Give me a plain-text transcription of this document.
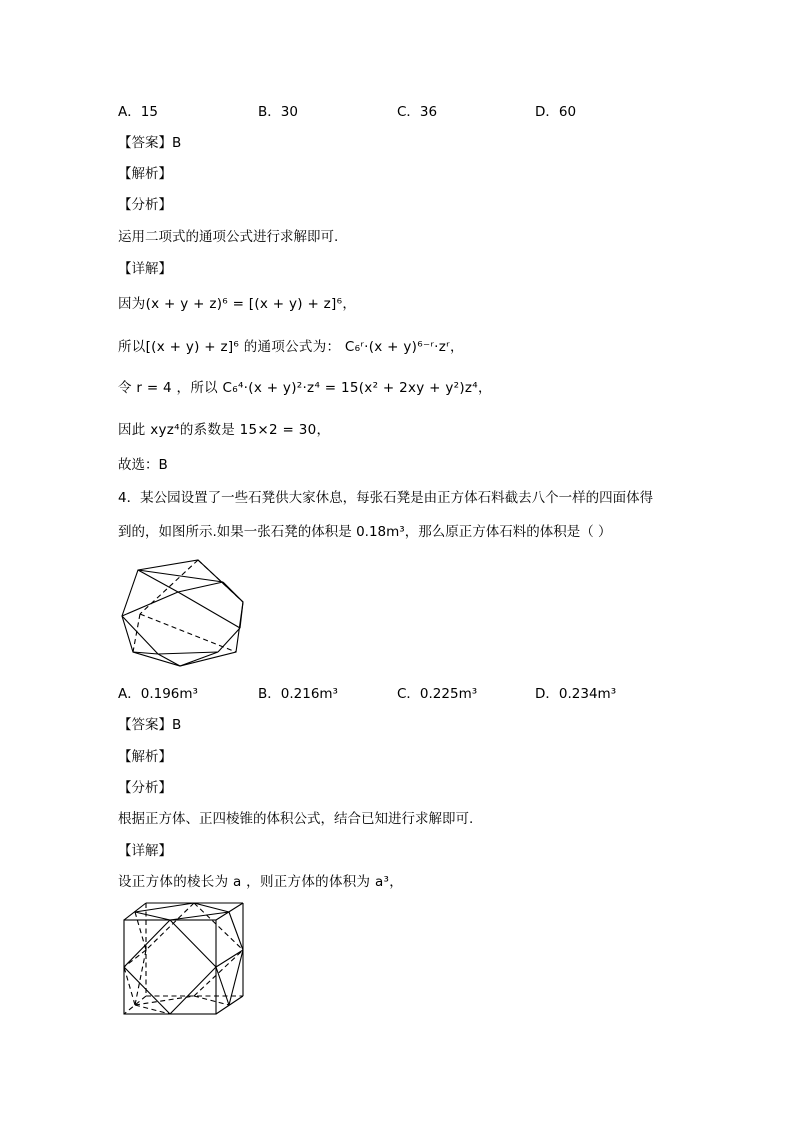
A．15	B．30	C．36	D．60
【答案】B
【解析】
【分析】
运用二项式的通项公式进行求解即可.
【详解】
因为(x + y + z)⁶ = [(x + y) + z]⁶，
所以[(x + y) + z]⁶ 的通项公式为： C₆ʳ·(x + y)⁶⁻ʳ·zʳ，
令 r = 4 ，所以 C₆⁴·(x + y)²·z⁴ = 15(x² + 2xy + y²)z⁴，
因此 xyz⁴的系数是 15×2 = 30，
故选：B
4．某公园设置了一些石凳供大家休息，每张石凳是由正方体石料截去八个一样的四面体得
到的，如图所示.如果一张石凳的体积是 0.18m³，那么原正方体石料的体积是（ ）
A．0.196m³	B．0.216m³	C．0.225m³	D．0.234m³
【答案】B
【解析】
【分析】
根据正方体、正四棱锥的体积公式，结合已知进行求解即可.
【详解】
设正方体的棱长为 a ，则正方体的体积为 a³，
